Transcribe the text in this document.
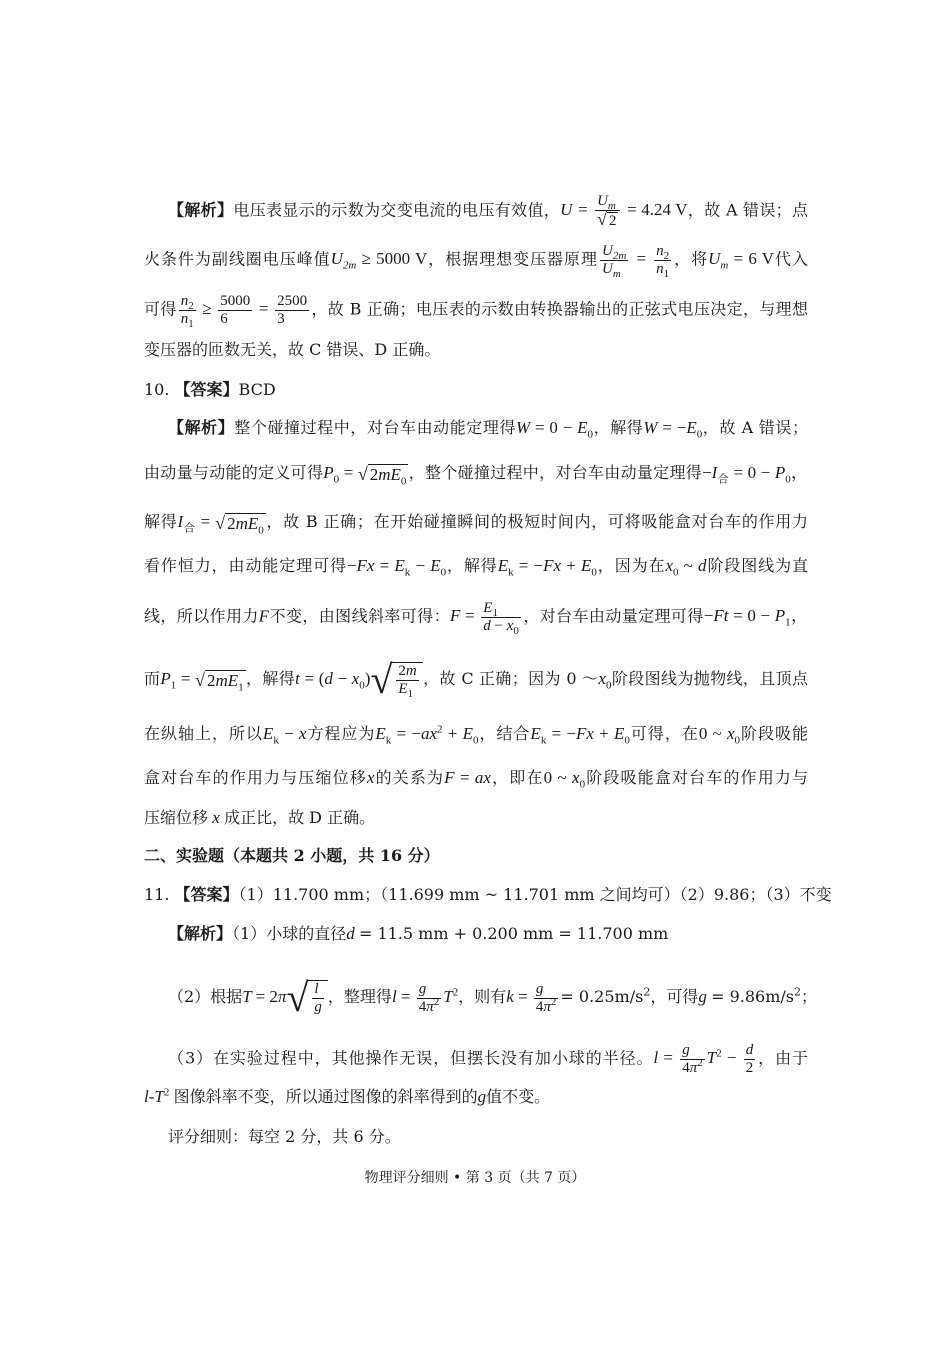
【解析】电压表显示的示数为交变电流的电压有效值，$U = \frac{U_m}{√ 2} = 4.24$ V，故 A 错误；点
火条件为副线圈电压峰值$U_{2m} \ge 5000$ V，根据理想变压器原理 $\frac{U_{2m}}{U_m} = \frac{n_2}{n_1}$ ，将$U_m = 6$ V代入
可得 $\frac{n_2}{n_1} \ge \frac{5000}{6} = \frac{2500}{3}$ ，故 B 正确；电压表的示数由转换器输出的正弦式电压决定，与理想
变压器的匝数无关，故 C 错误、D 正确。
10. 【答案】BCD
【解析】整个碰撞过程中，对台车由动能定理得$W = 0 - E_0$，解得$W = -E_0$，故 A 错误；
由动量与动能的定义可得$P_0$ = √ $2mE_0$ ，整个碰撞过程中，对台车由动量定理得$-I_合 = 0 - P_0$，
解得$I_合$ = √ $2mE_0$ ，故 B 正确；在开始碰撞瞬间的极短时间内，可将吸能盒对台车的作用力
看作恒力，由动能定理可得$-Fx = E_k - E_0$，解得$E_k = -Fx + E_0$，因为在$x_0$ ~ d阶段图线为直
线，所以作用力F不变，由图线斜率可得：$F = \frac{E_1}{d - x_0}$ ，对台车由动量定理可得$-Ft = 0 - P_1$，
而$P_1$ = √ $2mE_1$ ，解得$t = (d - x_0)√ \frac{2m}{E_1}$ ，故 C 正确；因为 0 $\sim x_0$阶段图线为抛物线，且顶点
在纵轴上，所以$E_k - x$方程应为$E_k = -ax^2 + E_0$，结合$E_k = -Fx + E_0$可得，在0 ~ $x_0$阶段吸能
盒对台车的作用力与压缩位移x的关系为F = ax，即在0 ~ $x_0$阶段吸能盒对台车的作用力与
压缩位移 x 成正比，故 D 正确。
二、实验题（本题共 2 小题，共 16 分）
11. 【答案】（1）11.700 mm；（11.699 mm ~ 11.701 mm 之间均可）（2）9.86；（3）不变
【解析】（1）小球的直径d = 11.5 mm + 0.200 mm = 11.700 mm
（2）根据$T = 2\pi√ \frac{l}{g}$ ，整理得$l = \frac{g}{4\pi^2} T^2$，则有$k = \frac{g}{4\pi^2} = 0.25m/s^2$，可得$g = 9.86m/s^2$；
（3）在实验过程中，其他操作无误，但摆长没有加小球的半径。$l = \frac{g}{4\pi^2} T^2 - \frac{d}{2}$ ，由于
$l-T^2$ 图像斜率不变，所以通过图像的斜率得到的g值不变。
评分细则：每空 2 分，共 6 分。
物理评分细则 • 第 3 页（共 7 页）
